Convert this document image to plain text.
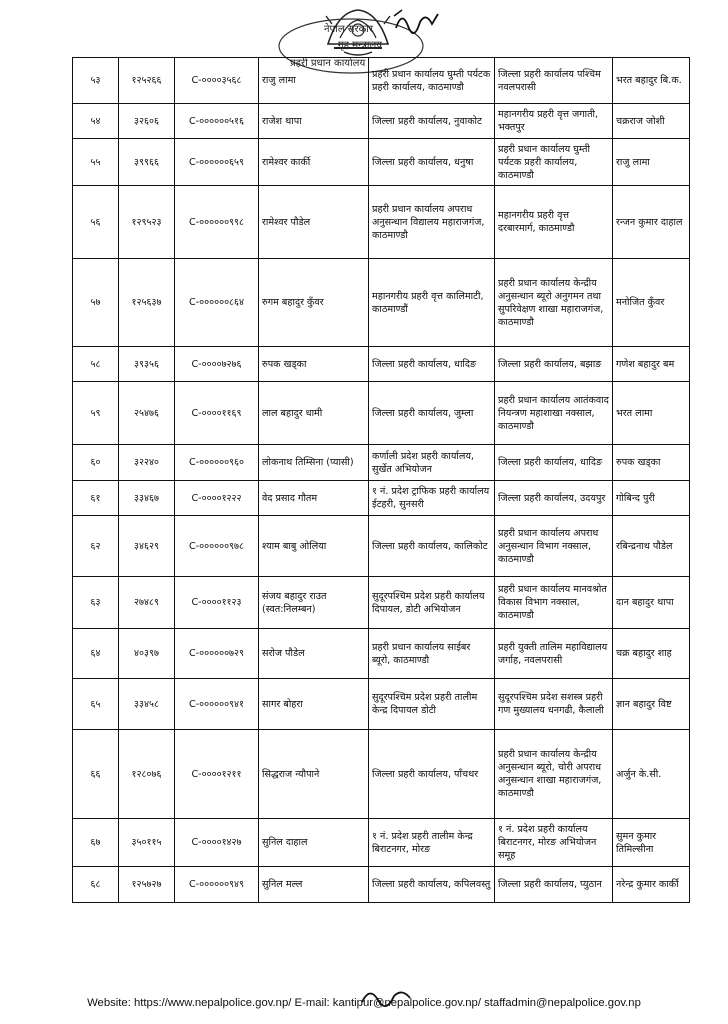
नेपाल सरकार
गृह मन्त्रालय
प्रहरी प्रधान कार्यालय
५३	१२५२६६	C-००००३५६८	राजु लामा	प्रहरी प्रधान कार्यालय घुम्ती पर्यटक प्रहरी कार्यालय, काठमाण्डौ	जिल्ला प्रहरी कार्यालय पश्चिम नवलपरासी	भरत बहादुर बि.क.	
५४	३२६०६	C-००००००५१६	राजेश थापा	जिल्ला प्रहरी कार्यालय, नुवाकोट	महानगरीय प्रहरी वृत्त जगाती, भक्तपुर	चक्रराज जोशी	
५५	३९९६६	C-००००००६५९	रामेश्वर कार्की	जिल्ला प्रहरी कार्यालय, धनुषा	प्रहरी प्रधान कार्यालय घुम्ती पर्यटक प्रहरी कार्यालय, काठमाण्डौ	राजु लामा	
५६	१२९५२३	C-००००००९९८	रामेश्वर पौडेल	प्रहरी प्रधान कार्यालय अपराध अनुसन्धान विद्यालय महाराजगंज, काठमाण्डौ	महानगरीय प्रहरी वृत्त दरबारमार्ग, काठमाण्डौ	रन्जन कुमार दाहाल	
५७	१२५६३७	C-००००००८६४	रुगम बहादुर कुँवर	महानगरीय प्रहरी वृत्त कालिमाटी, काठमाण्डौं	प्रहरी प्रधान कार्यालय केन्द्रीय अनुसन्धान ब्यूरो अनुगमन तथा सुपरिवेक्षण शाखा महाराजगंज, काठमाण्डौ	मनोजित कुँवर	
५८	३९३५६	C-००००७२७६	रुपक खड्का	जिल्ला प्रहरी कार्यालय, धादिङ	जिल्ला प्रहरी कार्यालय, बझाङ	गणेश बहादुर बम	
५९	२५४७६	C-००००११६९	लाल बहादुर धामी	जिल्ला प्रहरी कार्यालय, जुम्ला	प्रहरी प्रधान कार्यालय आतंकवाद नियन्त्रण महाशाखा नक्साल, काठमाण्डौ	भरत लामा	
६०	३२२४०	C-००००००९६०	लोकनाथ तिम्सिना (प्यासी)	कर्णाली प्रदेश प्रहरी कार्यालय, सुर्खेत अभियोजन	जिल्ला प्रहरी कार्यालय, धादिङ	रुपक खड्का	
६१	३३४६७	C-००००१२२२	वेद प्रसाद गौतम	१ नं. प्रदेश ट्राफिक प्रहरी कार्यालय ईटहरी, सुनसरी	जिल्ला प्रहरी कार्यालय, उदयपुर	गोबिन्द पुरी	
६२	३४६२९	C-००००००९७८	श्याम बाबु ओलिया	जिल्ला प्रहरी कार्यालय, कालिकोट	प्रहरी प्रधान कार्यालय अपराध अनुसन्धान विभाग नक्साल, काठमाण्डौ	रबिन्द्रनाथ पौडेल	
६३	२७४८९	C-००००११२३	संजय बहादुर राउत (स्वत:निलम्बन)	सुदूरपश्चिम प्रदेश प्रहरी कार्यालय दिपायल, डोटी अभियोजन	प्रहरी प्रधान कार्यालय मानवश्रोत विकास विभाग नक्साल, काठमाण्डौ	दान बहादुर थापा	
६४	४०३९७	C-००००००७२९	सरोज पौडेल	प्रहरी प्रधान कार्यालय साईबर ब्यूरो, काठमाण्डौ	प्रहरी युक्ती तालिम महाविद्यालय जर्गाह, नवलपरासी	चक्र बहादुर शाह	
६५	३३४५८	C-००००००९४१	सागर बोहरा	सुदूरपश्चिम प्रदेश प्रहरी तालीम केन्द्र दिपायल डोटी	सुदूरपश्चिम प्रदेश सशस्त्र प्रहरी गण मुख्यालय धनगढी, कैलाली	ज्ञान बहादुर विष्ट	
६६	१२८०७६	C-००००१२११	सिद्धराज न्यौपाने	जिल्ला प्रहरी कार्यालय, पाँचथर	प्रहरी प्रधान कार्यालय केन्द्रीय अनुसन्धान ब्यूरो, चोरी अपराध अनुसन्धान शाखा महाराजगंज, काठमाण्डौ	अर्जुन के.सी.	
६७	३५०११५	C-००००१४२७	सुनिल दाहाल	१ नं. प्रदेश प्रहरी तालीम केन्द्र बिराटनगर, मोरङ	१ नं. प्रदेश प्रहरी कार्यालय बिराटनगर, मोरङ अभियोजन समूह	सुमन कुमार तिमिल्सीना	
६८	१२५७२७	C-००००००९४९	सुनिल मल्ल	जिल्ला प्रहरी कार्यालय, कपिलवस्तु	जिल्ला प्रहरी कार्यालय, प्युठान	नरेन्द्र कुमार कार्की	
Website: https://www.nepalpolice.gov.np/ E-mail: kantipur@nepalpolice.gov.np/ staffadmin@nepalpolice.gov.np
